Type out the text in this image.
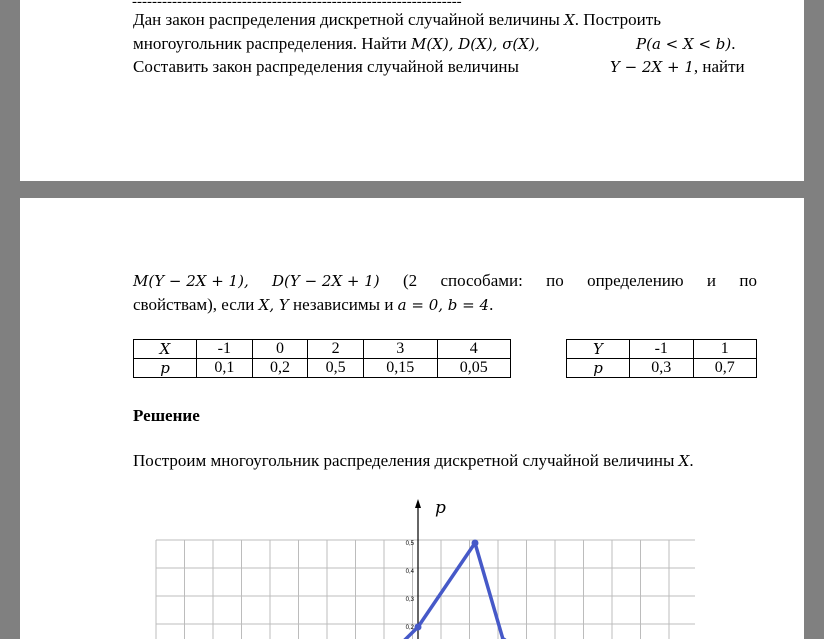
------------------------------------------------------------------
Дан закон распределения дискретной случайной величины X. Построить
многоугольник распределения. Найти M(X), D(X), σ(X),	P(a < X < b).
Составить закон распределения случайной величины	Y − 2X + 1, найти
M(Y − 2X + 1), D(Y − 2X + 1) (2 способами: по определению и по
свойствам), если X, Y независимы и a = 0, b = 4.
X	-1	0	2	3	4
p	0,1	0,2	0,5	0,15	0,05
Y	-1	1
p	0,3	0,7
Решение
Построим многоугольник распределения дискретной случайной величины X.
0,5
0,4
0,3
0,2
p
